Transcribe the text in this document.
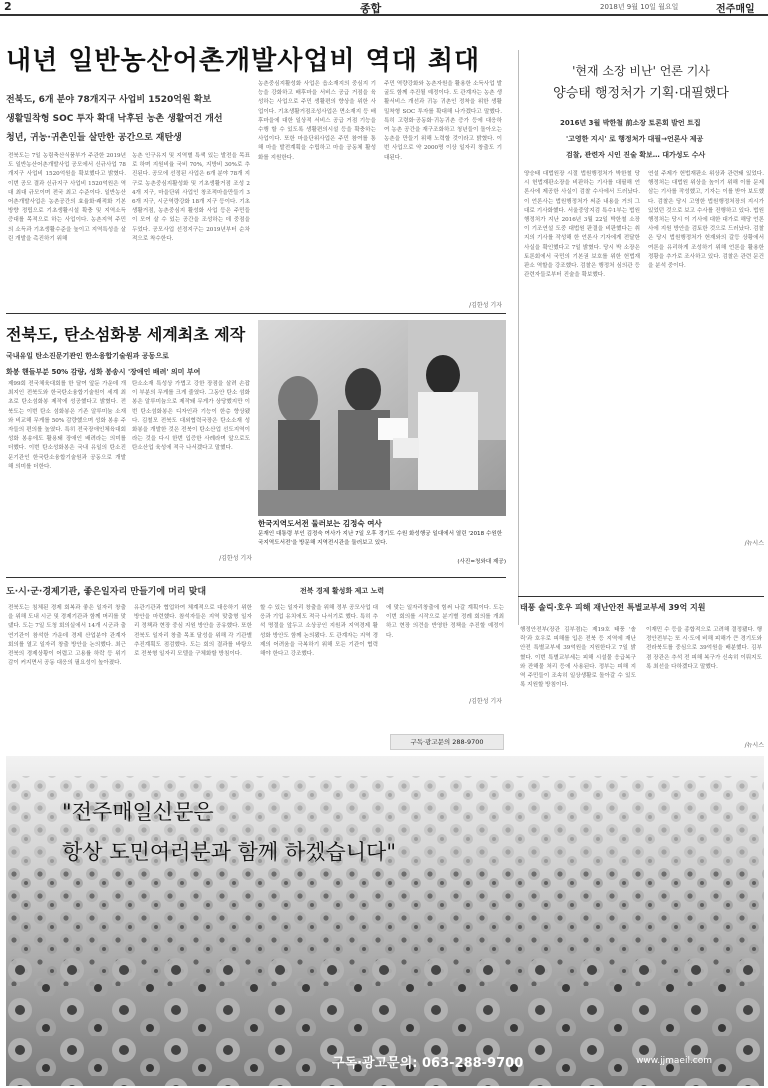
2	종합	2018년 9월 10일 월요일	전주매일
내년 일반농산어촌개발사업비 역대 최대
전북도, 6개 분야 78개지구 사업비 1520억원 확보
생활밀착형 SOC 투자 확대 낙후된 농촌 생활여건 개선
청년, 귀농·귀촌인들 살만한 공간으로 재탄생
전북도는 7일 농림축산식품부가 주관한 2019년도 일반농산어촌개발사업 공모에서 신규사업 78개지구 사업비 1520억원을 확보했다고 밝혔다. 이번 공모 결과 신규지구 사업비 1520억원은 역대 최대 규모이며 전국 최고 수준이다. 일반농산어촌개발사업은 농촌공간의 효율화·쾌적화 기본방향 정립으로 기초생활시설 확충 및 지역소득 증대를 목적으로 하는 사업이다. 농촌지역 주민의 소득과 기초생활수준을 높이고 지역특성을 살린 개발을 촉진하기 위해
농촌 인구유지 및 지역별 특색 있는 발전을 목표로 하며 지원비율 국비 70%, 지방비 30%로 추진된다. 공모에 선정된 사업은 6개 분야 78개 지구로 농촌중심지활성화 및 기초생활거점 조성 24개 지구, 마을단위 사업인 창조적마을만들기 36개 지구, 시군역량강화 18개 지구 등이다. 기초생활거점, 농촌중심지 활성화 사업 등은 주민들이 모여 살 수 있는 공간을 조성하는 데 중점을 두었다. 공모사업 선정지구는 2019년부터 순차적으로 착수한다.
농촌중심지활성화 사업은 읍소재지의 중심지 기능을 강화하고 배후마을 서비스 공급 거점을 육성하는 사업으로 주민 생활편의 향상을 위한 사업이다. 기초생활거점조성사업은 면소재지 등 배후마을에 대한 일상적 서비스 공급 거점 기능을 수행 할 수 있도록 생활편의시설 등을 확충하는 사업이다. 또한 마을단위사업은 주민 참여를 통해 마을 발전계획을 수립하고 마을 공동체 활성화를 지원한다.
주민 역량강화와 농촌자원을 활용한 소득사업 발굴도 함께 추진될 예정이다. 도 관계자는 농촌 생활서비스 개선과 귀농 귀촌인 정착을 위한 생활밀착형 SOC 투자를 확대해 나가겠다고 말했다. 특히 고령화·공동화·귀농귀촌 증가 등에 대응하여 농촌 공간을 재구조화하고 청년들이 돌아오는 농촌을 만들기 위해 노력할 것이라고 밝혔다. 이번 사업으로 약 2000명 이상 일자리 창출도 기대된다.
/김한성 기자
전북도, 탄소섬화봉 세계최초 제작
국내유일 탄소진문기관인 한소융합기술원과 공동으로
화봉 핸들부분 50% 감량, 성화 봉송시 '장애인 배려' 의미 부여
제99회 전국체육대회를 한 달여 앞둔 가운데 개최지인 전북도와 한국탄소융합기술원이 세계 최초로 탄소섬화봉 제작에 성공했다고 밝혔다. 전북도는 이번 탄소 섬화봉은 기존 알루미늄 소재와 비교해 무게를 50% 감량했으며 성화 봉송 주자들의 편의를 높였다. 특히 전국장애인체육대회 성화 봉송에도 활용돼 장애인 배려라는 의미를 더했다. 이번 탄소성화봉은 국내 유일의 탄소진문기관인 한국탄소융합기술원과 공동으로 개발해 의미를 더한다.
탄소소재 특성상 가볍고 강한 장점을 살려 손잡이 부분의 무게를 크게 줄였다. 그동안 탄소 섬화봉은 알루미늄으로 제작돼 무게가 상당했지만 이번 탄소섬화봉은 디자인과 기능이 한층 향상됐다. 김철모 전북도 대외협력국장은 탄소소재 성화봉을 개발한 것은 전북이 탄소산업 선도지역이라는 것을 다시 한번 입증한 사례라며 앞으로도 탄소산업 육성에 적극 나서겠다고 말했다.
/김한성 기자
한국지역도서전 둘러보는 김정숙 여사
문재인 대통령 부인 김정숙 여사가 지난 7일 오후 경기도 수원 화성행궁 일대에서 열린 '2018 수원한국지역도서전'을 방문해 지역전시관을 둘러보고 있다.
(사진=청와대 제공)
'현재 소장 비난' 언론 기사
양승태 행정처가 기획·대필했다
2016년 3월 박한철 前소장 토론회 발언 트집
'고영한 지시' 로 행정처가 대필→언론사 제공
검찰, 관련자 시인 진술 확보… 대가성도 수사
양승태 대법원장 시절 법원행정처가 박한철 당시 헌법재판소장을 비판하는 기사를 대필해 언론사에 제공한 사실이 검찰 수사에서 드러났다. 이 언론사는 법원행정처가 써준 내용을 거의 그대로 기사화했다. 서울중앙지검 특수1부는 법원행정처가 지난 2016년 3월 22일 박한철 소장이 기조연설 도중 대법원 판결을 비판했다는 취지의 기사를 작성해 한 언론사 기자에게 전달한 사실을 확인했다고 7일 밝혔다. 당시 박 소장은 토론회에서 국민의 기본권 보호를 위한 헌법재판소 역할을 강조했다. 검찰은 행정처 심의관 등 관련자들로부터 진술을 확보했다.
연설 주제가 헌법재판소 위상과 관련돼 있었다. 행정처는 대법원 위상을 높이기 위해 이를 문제삼는 기사를 작성했고, 기자는 이를 받아 보도했다. 검찰은 당시 고영한 법원행정처장의 지시가 있었던 것으로 보고 수사를 진행하고 있다. 법원행정처는 당시 이 기사에 대한 대가로 해당 언론사에 지원 방안을 검토한 것으로 드러났다. 검찰은 당시 법원행정처가 헌재와의 갈등 상황에서 여론을 유리하게 조성하기 위해 언론을 활용한 정황을 추가로 조사하고 있다. 검찰은 관련 문건을 분석 중이다.
/뉴시스
도·시·군·경제기관, 좋은일자리 만들기에 머리 맞대	전북 경제 활성화 제고 노력
전북도는 침체된 경제 회복과 좋은 일자리 창출을 위해 도내 시군 및 경제기관과 함께 머리를 맞댔다. 도는 7일 도청 회의실에서 14개 시군과 출연기관이 참석한 가운데 경제 산업분야 관계자 회의를 열고 일자리 창출 방안을 논의했다. 최근 전북의 경제상황이 어렵고 고용률 하락 등 위기감이 커지면서 공동 대응의 필요성이 높아졌다.
유관기관과 협업하여 체계적으로 대응하기 위한 방안을 마련했다. 참석자들은 지역 맞춤형 일자리 정책과 현장 중심 지원 방안을 공유했다. 또한 전북도 일자리 창출 목표 달성을 위해 각 기관별 추진계획도 점검했다. 도는 회의 결과를 바탕으로 전북형 일자리 모델을 구체화할 방침이다.
할 수 있는 일자리 창출을 위해 정부 공모사업 대응과 기업 유치에도 적극 나서기로 했다. 특히 추석 명절을 앞두고 소상공인 지원과 지역경제 활성화 방안도 함께 논의됐다. 도 관계자는 지역 경제의 어려움을 극복하기 위해 모든 기관이 협력해야 한다고 강조했다.
에 맞는 일자리창출에 힘써 나갈 계획이다. 도는 이번 회의를 시작으로 분기별 정례 회의를 개최하고 현장 의견을 반영한 정책을 추진할 예정이다.
/김한성 기자
구독·광고문의 288-9700
태풍 솔릭·호우 피해 재난안전 특별교부세 39억 지원
행정안전부(장관 김부겸)는 제19호 태풍 '솔릭'과 호우로 피해를 입은 전북 등 지역에 재난안전 특별교부세 39억원을 지원한다고 7일 밝혔다. 이번 특별교부세는 피해 시설물 응급복구와 잔해물 처리 등에 사용된다. 정부는 피해 지역 주민들이 조속히 일상생활로 돌아갈 수 있도록 지원할 방침이다.
이재민 수 등을 종합적으로 고려해 결정됐다. 행정안전부는 또 시·도에 비해 피해가 큰 경기도와 전라북도를 중심으로 39억원을 배분했다. 김부겸 장관은 추석 전 피해 복구가 신속히 이뤄지도록 최선을 다하겠다고 말했다.
/뉴시스
"전주매일신문은
항상 도민여러분과 함께 하겠습니다"
구독·광고문의: 063-288-9700	www.jjmaeil.com
